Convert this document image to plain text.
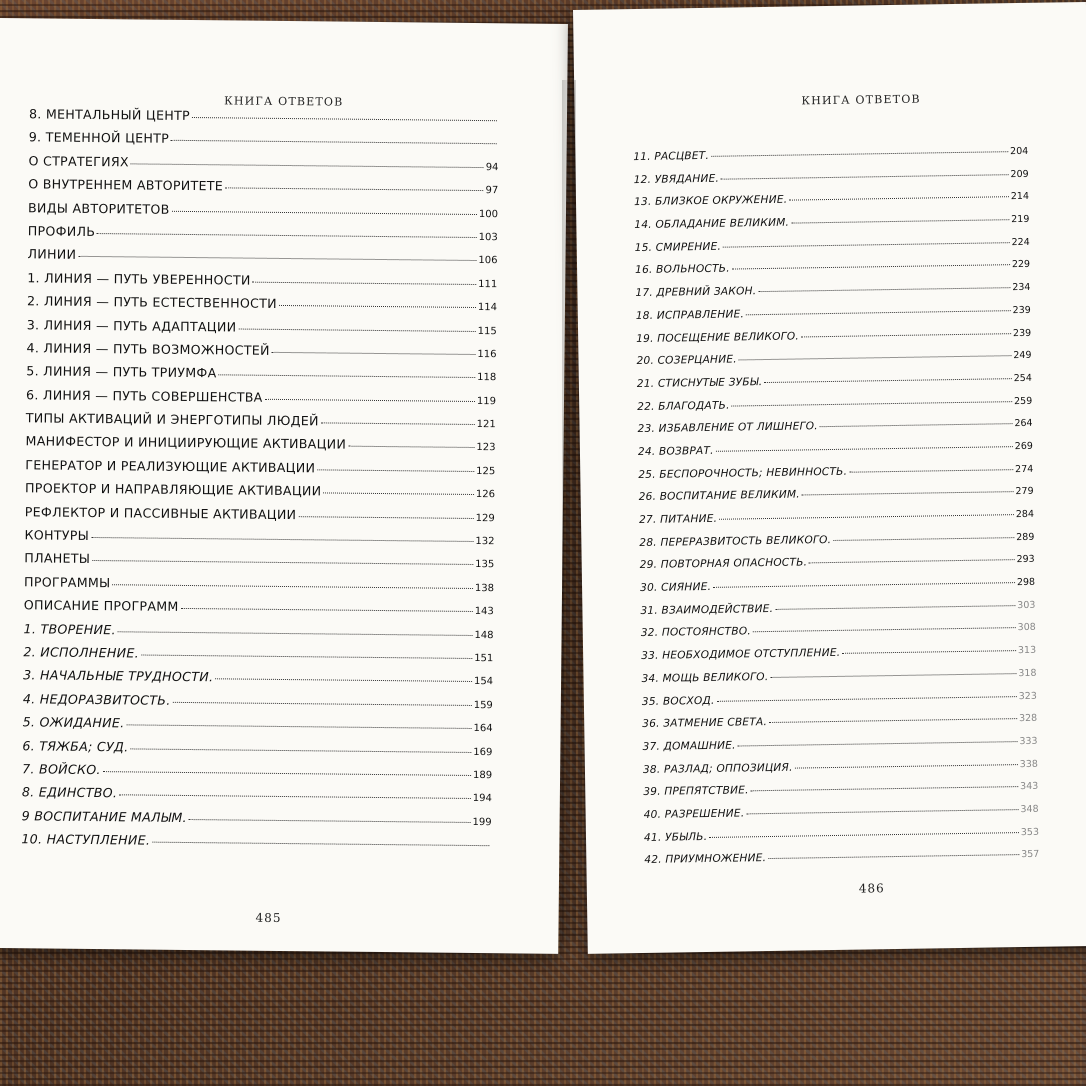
КНИГА ОТВЕТОВ
8. МЕНТАЛЬНЫЙ ЦЕНТР
9. ТЕМЕННОЙ ЦЕНТР
О СТРАТЕГИЯХ	94
О ВНУТРЕННЕМ АВТОРИТЕТЕ	97
ВИДЫ АВТОРИТЕТОВ	100
ПРОФИЛЬ	103
ЛИНИИ	106
1. ЛИНИЯ — ПУТЬ УВЕРЕННОСТИ	111
2. ЛИНИЯ — ПУТЬ ЕСТЕСТВЕННОСТИ	114
3. ЛИНИЯ — ПУТЬ АДАПТАЦИИ	115
4. ЛИНИЯ — ПУТЬ ВОЗМОЖНОСТЕЙ	116
5. ЛИНИЯ — ПУТЬ ТРИУМФА	118
6. ЛИНИЯ — ПУТЬ СОВЕРШЕНСТВА	119
ТИПЫ АКТИВАЦИЙ И ЭНЕРГОТИПЫ ЛЮДЕЙ	121
МАНИФЕСТОР И ИНИЦИИРУЮЩИЕ АКТИВАЦИИ	123
ГЕНЕРАТОР И РЕАЛИЗУЮЩИЕ АКТИВАЦИИ	125
ПРОЕКТОР И НАПРАВЛЯЮЩИЕ АКТИВАЦИИ	126
РЕФЛЕКТОР И ПАССИВНЫЕ АКТИВАЦИИ	129
КОНТУРЫ	132
ПЛАНЕТЫ	135
ПРОГРАММЫ	138
ОПИСАНИЕ ПРОГРАММ	143
1. ТВОРЕНИЕ.	148
2. ИСПОЛНЕНИЕ.	151
3. НАЧАЛЬНЫЕ ТРУДНОСТИ.	154
4. НЕДОРАЗВИТОСТЬ.	159
5. ОЖИДАНИЕ.	164
6. ТЯЖБА; СУД.	169
7. ВОЙСКО.	189
8. ЕДИНСТВО.	194
9 ВОСПИТАНИЕ МАЛЫМ.	199
10. НАСТУПЛЕНИЕ.
485
КНИГА ОТВЕТОВ
11. РАСЦВЕТ.	204
12. УВЯДАНИЕ.	209
13. БЛИЗКОЕ ОКРУЖЕНИЕ.	214
14. ОБЛАДАНИЕ ВЕЛИКИМ.	219
15. СМИРЕНИЕ.	224
16. ВОЛЬНОСТЬ.	229
17. ДРЕВНИЙ ЗАКОН.	234
18. ИСПРАВЛЕНИЕ.	239
19. ПОСЕЩЕНИЕ ВЕЛИКОГО.	239
20. СОЗЕРЦАНИЕ.	249
21. СТИСНУТЫЕ ЗУБЫ.	254
22. БЛАГОДАТЬ.	259
23. ИЗБАВЛЕНИЕ ОТ ЛИШНЕГО.	264
24. ВОЗВРАТ.	269
25. БЕСПОРОЧНОСТЬ; НЕВИННОСТЬ.	274
26. ВОСПИТАНИЕ ВЕЛИКИМ.	279
27. ПИТАНИЕ.	284
28. ПЕРЕРАЗВИТОСТЬ ВЕЛИКОГО.	289
29. ПОВТОРНАЯ ОПАСНОСТЬ.	293
30. СИЯНИЕ.	298
31. ВЗАИМОДЕЙСТВИЕ.	303
32. ПОСТОЯНСТВО.	308
33. НЕОБХОДИМОЕ ОТСТУПЛЕНИЕ.	313
34. МОЩЬ ВЕЛИКОГО.	318
35. ВОСХОД.	323
36. ЗАТМЕНИЕ СВЕТА.	328
37. ДОМАШНИЕ.	333
38. РАЗЛАД; ОППОЗИЦИЯ.	338
39. ПРЕПЯТСТВИЕ.	343
40. РАЗРЕШЕНИЕ.	348
41. УБЫЛЬ.	353
42. ПРИУМНОЖЕНИЕ.	357
486
